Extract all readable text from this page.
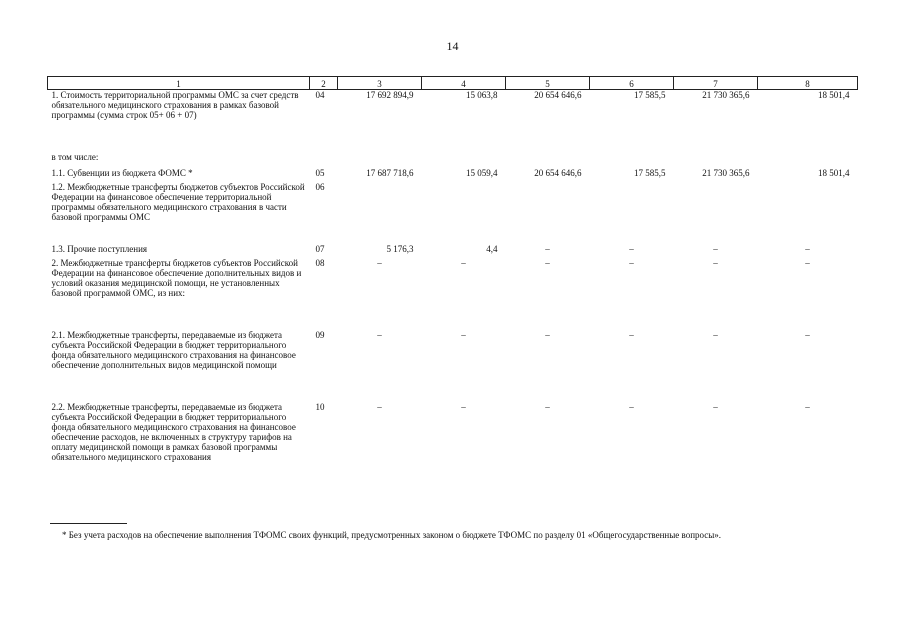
14
1	2	3	4	5	6	7	8
1. Стоимость территориальной программы ОМС за счет средств обязательного медицинского страхования в рамках базовой программы (сумма строк 05+ 06 + 07)	04	17 692 894,9	15 063,8	20 654 646,6	17 585,5	21 730 365,6	18 501,4
в том числе:							
1.1. Субвенции из бюджета ФОМС *	05	17 687 718,6	15 059,4	20 654 646,6	17 585,5	21 730 365,6	18 501,4
1.2. Межбюджетные трансферты бюджетов субъектов Российской Федерации на финансовое обеспечение территориальной программы обязательного медицинского страхования в части базовой программы ОМС	06						
1.3. Прочие поступления	07	5 176,3	4,4	–	–	–	–
2. Межбюджетные трансферты бюджетов субъектов Российской Федерации на финансовое обеспечение дополнительных видов и условий оказания медицинской помощи, не установленных базовой программой ОМС, из них:	08	–	–	–	–	–	–
2.1. Межбюджетные трансферты, передаваемые из бюджета субъекта Российской Федерации в бюджет территориального фонда обязательного медицинского страхования на финансовое обеспечение дополнительных видов медицинской помощи	09	–	–	–	–	–	–
2.2. Межбюджетные трансферты, передаваемые из бюджета субъекта Российской Федерации в бюджет территориального фонда обязательного медицинского страхования на финансовое обеспечение расходов, не включенных в структуру тарифов на оплату медицинской помощи в рамках базовой программы обязательного медицинского страхования	10	–	–	–	–	–	–
* Без учета расходов на обеспечение выполнения ТФОМС своих функций, предусмотренных законом о бюджете ТФОМС по разделу 01 «Общегосударственные вопросы».
